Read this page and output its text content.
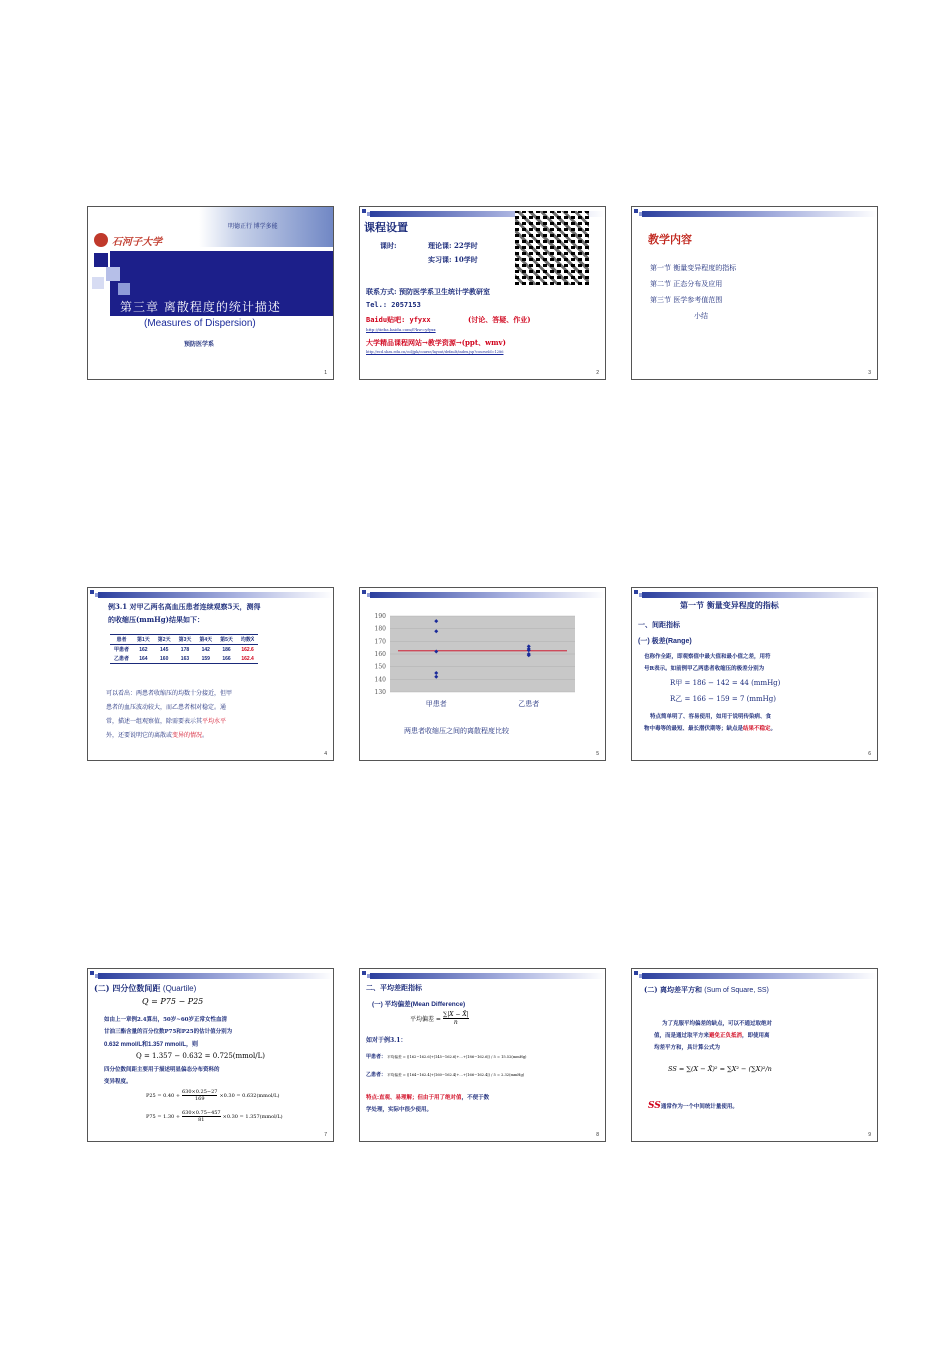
石河子大学
明德正行 博学多能
第三章 离散程度的统计描述
(Measures of Dispersion)
预防医学系
1
课程设置
课时:	理论课: 22学时
实习课: 10学时
联系方式: 预防医学系卫生统计学教研室
Tel.: 2057153
Baidu贴吧: yfyxx	(讨论、答疑、作业)
http://tieba.baidu.com/f?kw=yfyxx
大学精品课程网站→教学资源→(ppt、wmv)
http://ecd.shzu.edu.cn/col/jpk/course/layout/default/index.jsp?courseId=1286
2
教学内容
第一节 衡量变异程度的指标
第二节 正态分布及应用
第三节 医学参考值范围
小结
3
例3.1 对甲乙两名高血压患者连续观察5天，测得
的收缩压(mmHg)结果如下：
患者	第1天	第2天	第3天	第4天	第5天	均数X̄
甲患者	162	145	178	142	186	162.6
乙患者	164	160	163	159	166	162.4
可以看出：两患者收缩压的均数十分接近，但甲
患者的血压波动较大，而乙患者相对稳定。通
常，描述一组观察值，除需要表示其平均水平
外，还要说明它的离散或变异的情况。
4
190
180
170
160
150
140
130
甲患者	乙患者
两患者收缩压之间的离散程度比较
5
第一节 衡量变异程度的指标
一、间距指标
(一) 极差(Range)
也称作全距，即观察值中最大值和最小值之差，用符
号R表示。如前例甲乙两患者收缩压的极差分别为
R甲 = 186 − 142 = 44 (mmHg)
R乙 = 166 − 159 = 7 (mmHg)
特点简单明了、容易使用，如用于说明传染病、食
物中毒等的最短、最长潜伏期等；缺点是结果不稳定。
6
(二) 四分位数间距 (Quartile)
Q = P75 − P25
如由上一章例2.4算出，50岁~60岁正常女性血清
甘油三酯含量的百分位数P75和P25的估计值分别为
0.632 mmol/L和1.357 mmol/L，则
Q = 1.357 − 0.632 = 0.725(mmol/L)
四分位数间距主要用于描述明显偏态分布资料的
变异程度。
$P25 = 0.40 + \frac{630\times 0.25-27}{169} \times 0.30$ = 0.632(mmol/L)
$P75 = 1.30 + \frac{630\times 0.75-457}{81} \times 0.30$ = 1.357(mmol/L)
7
二、平均差距指标
(一) 平均偏差(Mean Difference)
平均偏差 = $\frac{\sum|X - X̄|}{n}$
如对于例3.1：
甲患者： 平均偏差 = (|162−162.6|+|145−162.6|+…+|186−162.6|) / 5 = 15.52(mmHg)
乙患者： 平均偏差 = (|164−162.4|+|160−162.4|+…+|166−162.4|) / 5 = 2.32(mmHg)
特点:直观、易理解；但由于用了绝对值，不便于数
学处理，实际中很少使用。
8
(二) 离均差平方和 (Sum of Square, SS)
为了克服平均偏差的缺点，可以不通过取绝对
值，而是通过取平方来避免正负抵消，即使用离
均差平方和，具计算公式为
SS = ∑(X − X̄)² = ∑X² − (∑X)²/n
SS通常作为一个中间统计量使用。
9
